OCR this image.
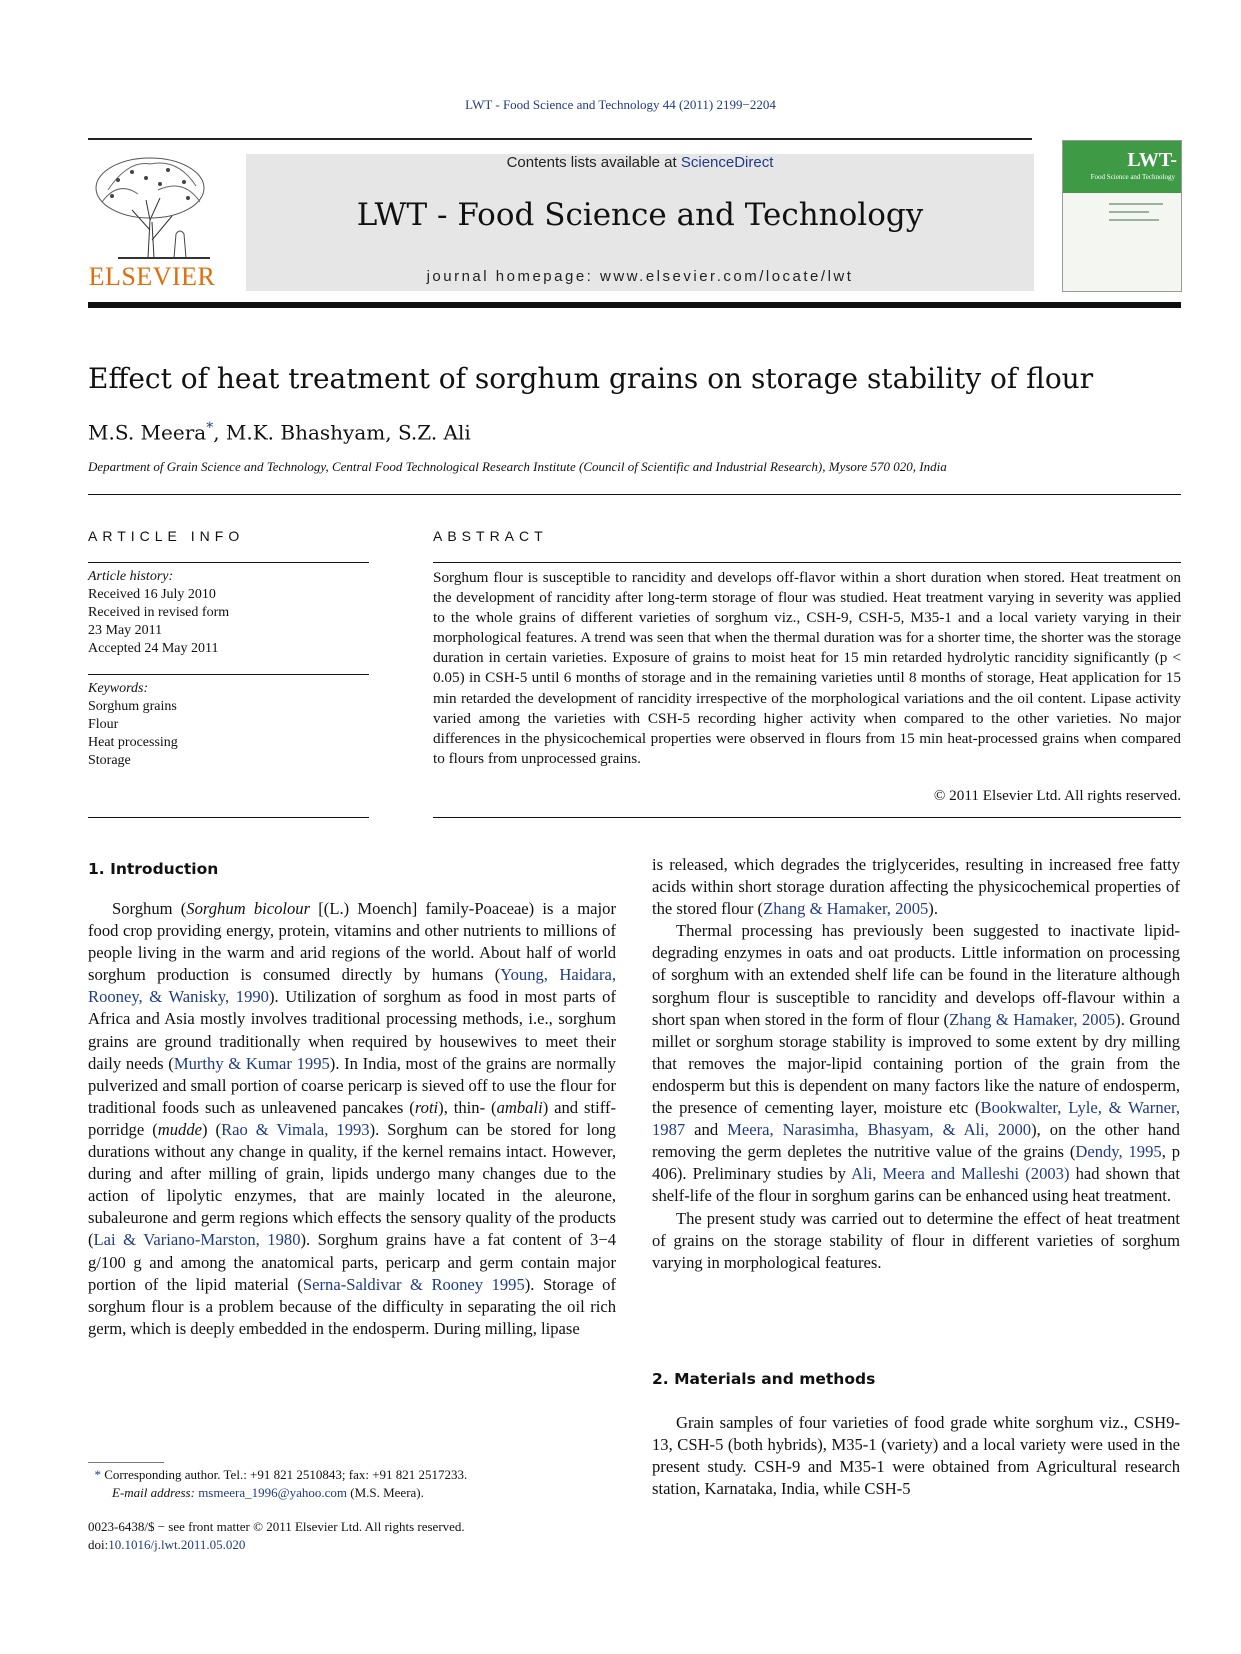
LWT - Food Science and Technology 44 (2011) 2199−2204
ELSEVIER
Contents lists available at ScienceDirect
LWT - Food Science and Technology
journal homepage: www.elsevier.com/locate/lwt
LWT-
Food Science and Technology
Effect of heat treatment of sorghum grains on storage stability of flour
M.S. Meera*, M.K. Bhashyam, S.Z. Ali
Department of Grain Science and Technology, Central Food Technological Research Institute (Council of Scientific and Industrial Research), Mysore 570 020, India
ARTICLE INFO	ABSTRACT
Article history:
Received 16 July 2010
Received in revised form
23 May 2011
Accepted 24 May 2011
Keywords:
Sorghum grains
Flour
Heat processing
Storage
Sorghum flour is susceptible to rancidity and develops off-flavor within a short duration when stored. Heat treatment on the development of rancidity after long-term storage of flour was studied. Heat treatment varying in severity was applied to the whole grains of different varieties of sorghum viz., CSH-9, CSH-5, M35-1 and a local variety varying in their morphological features. A trend was seen that when the thermal duration was for a shorter time, the shorter was the storage duration in certain varieties. Exposure of grains to moist heat for 15 min retarded hydrolytic rancidity significantly (p < 0.05) in CSH-5 until 6 months of storage and in the remaining varieties until 8 months of storage, Heat application for 15 min retarded the development of rancidity irrespective of the morphological variations and the oil content. Lipase activity varied among the varieties with CSH-5 recording higher activity when compared to the other varieties. No major differences in the physicochemical properties were observed in flours from 15 min heat-processed grains when compared to flours from unprocessed grains.
© 2011 Elsevier Ltd. All rights reserved.
1. Introduction

Sorghum (Sorghum bicolour [(L.) Moench] family-Poaceae) is a major food crop providing energy, protein, vitamins and other nutrients to millions of people living in the warm and arid regions of the world. About half of world sorghum production is consumed directly by humans (Young, Haidara, Rooney, & Wanisky, 1990). Utilization of sorghum as food in most parts of Africa and Asia mostly involves traditional processing methods, i.e., sorghum grains are ground traditionally when required by housewives to meet their daily needs (Murthy & Kumar 1995). In India, most of the grains are normally pulverized and small portion of coarse pericarp is sieved off to use the flour for traditional foods such as unleavened pancakes (roti), thin- (ambali) and stiff-porridge (mudde) (Rao & Vimala, 1993). Sorghum can be stored for long durations without any change in quality, if the kernel remains intact. However, during and after milling of grain, lipids undergo many changes due to the action of lipolytic enzymes, that are mainly located in the aleurone, subaleurone and germ regions which effects the sensory quality of the products (Lai & Variano-Marston, 1980). Sorghum grains have a fat content of 3−4 g/100 g and among the anatomical parts, pericarp and germ contain major portion of the lipid material (Serna-Saldivar & Rooney 1995). Storage of sorghum flour is a problem because of the difficulty in separating the oil rich germ, which is deeply embedded in the endosperm. During milling, lipase

is released, which degrades the triglycerides, resulting in increased free fatty acids within short storage duration affecting the physicochemical properties of the stored flour (Zhang & Hamaker, 2005).

Thermal processing has previously been suggested to inactivate lipid-degrading enzymes in oats and oat products. Little information on processing of sorghum with an extended shelf life can be found in the literature although sorghum flour is susceptible to rancidity and develops off-flavour within a short span when stored in the form of flour (Zhang & Hamaker, 2005). Ground millet or sorghum storage stability is improved to some extent by dry milling that removes the major-lipid containing portion of the grain from the endosperm but this is dependent on many factors like the nature of endosperm, the presence of cementing layer, moisture etc (Bookwalter, Lyle, & Warner, 1987 and Meera, Narasimha, Bhasyam, & Ali, 2000), on the other hand removing the germ depletes the nutritive value of the grains (Dendy, 1995, p 406). Preliminary studies by Ali, Meera and Malleshi (2003) had shown that shelf-life of the flour in sorghum garins can be enhanced using heat treatment.

The present study was carried out to determine the effect of heat treatment of grains on the storage stability of flour in different varieties of sorghum varying in morphological features.

2. Materials and methods

Grain samples of four varieties of food grade white sorghum viz., CSH9-13, CSH-5 (both hybrids), M35-1 (variety) and a local variety were used in the present study. CSH-9 and M35-1 were obtained from Agricultural research station, Karnataka, India, while CSH-5

* Corresponding author. Tel.: +91 821 2510843; fax: +91 821 2517233.
E-mail address: msmeera_1996@yahoo.com (M.S. Meera).
0023-6438/$ − see front matter © 2011 Elsevier Ltd. All rights reserved.
doi:10.1016/j.lwt.2011.05.020
